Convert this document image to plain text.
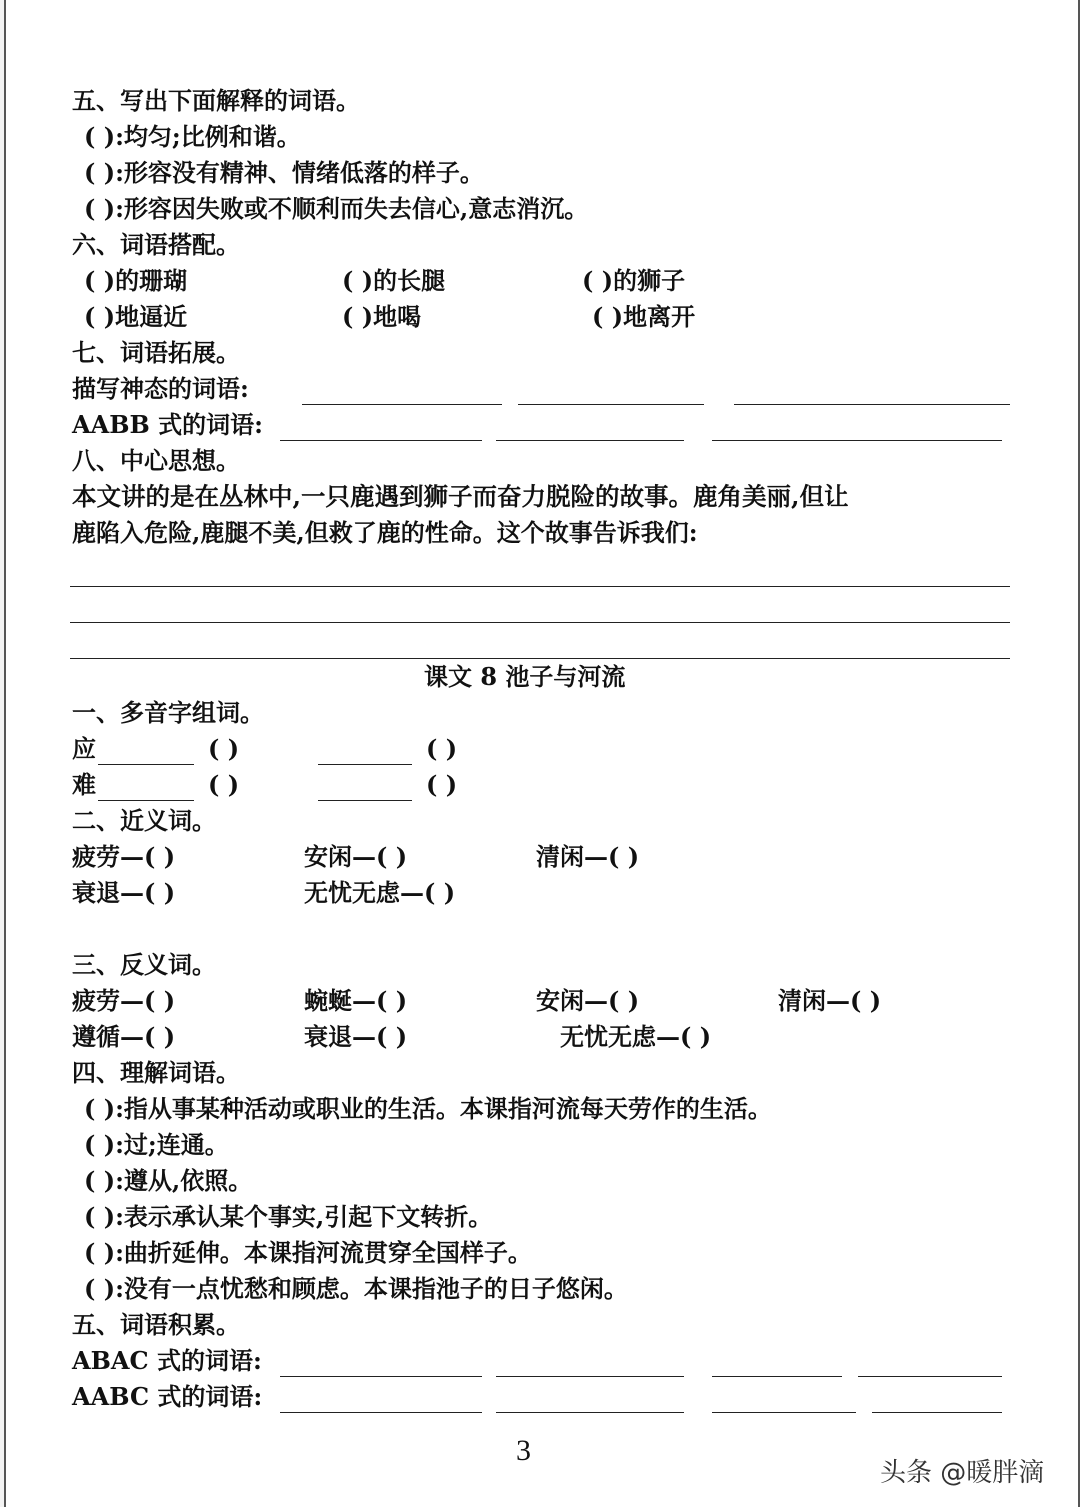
五、写出下面解释的词语。
( ):均匀;比例和谐。
( ):形容没有精神、情绪低落的样子。
( ):形容因失败或不顺利而失去信心,意志消沉。
六、词语搭配。
( )的珊瑚	( )的长腿	( )的狮子
( )地逼近	( )地喝	( )地离开
七、词语拓展。
描写神态的词语:
AABB 式的词语:
八、中心思想。
本文讲的是在丛林中,一只鹿遇到狮子而奋力脱险的故事。鹿角美丽,但让
鹿陷入危险,鹿腿不美,但救了鹿的性命。这个故事告诉我们:
课文 8 池子与河流
一、多音字组词。
应	( )	( )
难	( )	( )
二、近义词。
疲劳—( )	安闲—( )	清闲—( )
衰退—( )	无忧无虑—( )
三、反义词。
疲劳—( )	蜿蜒—( )	安闲—( )	清闲—( )
遵循—( )	衰退—( )	无忧无虑—( )
四、理解词语。
( ):指从事某种活动或职业的生活。本课指河流每天劳作的生活。
( ):过;连通。
( ):遵从,依照。
( ):表示承认某个事实,引起下文转折。
( ):曲折延伸。本课指河流贯穿全国样子。
( ):没有一点忧愁和顾虑。本课指池子的日子悠闲。
五、词语积累。
ABAC 式的词语:
AABC 式的词语:
3
头条 @暖胖滴
